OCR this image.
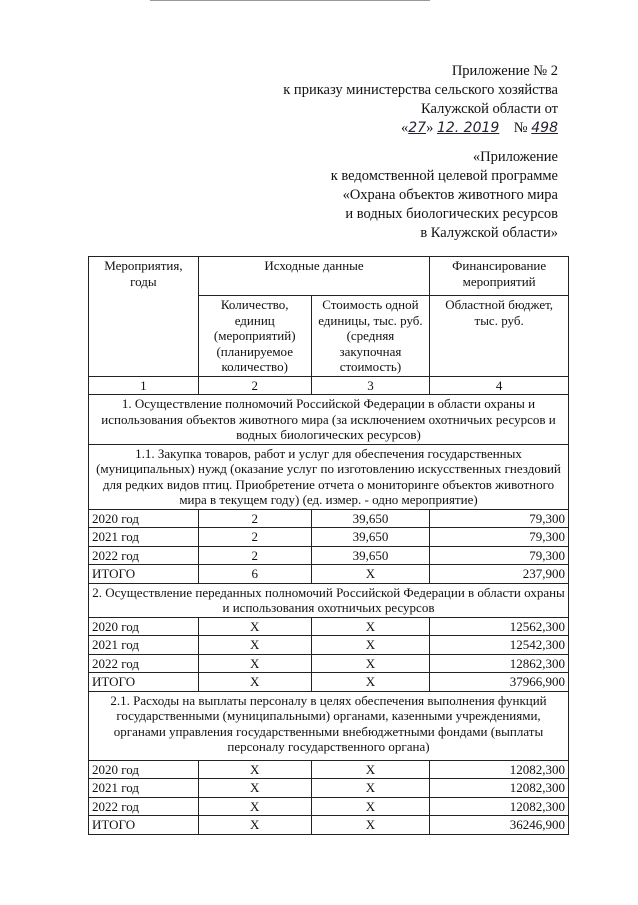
Приложение № 2
к приказу министерства сельского хозяйства
Калужской области от
«27» 12. 2019 № 498
«Приложение
к ведомственной целевой программе
«Охрана объектов животного мира
и водных биологических ресурсов
в Калужской области»
Мероприятия, годы	Исходные данные		Финансирование мероприятий
	Количество, единиц (мероприятий) (планируемое количество)	Стоимость одной единицы, тыс. руб. (средняя закупочная стоимость)	Областной бюджет, тыс. руб.
1	2	3	4
1. Осуществление полномочий Российской Федерации в области охраны и использования объектов животного мира (за исключением охотничьих ресурсов и водных биологических ресурсов)			
1.1. Закупка товаров, работ и услуг для обеспечения государственных (муниципальных) нужд (оказание услуг по изготовлению искусственных гнездовий для редких видов птиц. Приобретение отчета о мониторинге объектов животного мира в текущем году) (ед. измер. - одно мероприятие)			
2020 год	2	39,650	79,300
2021 год	2	39,650	79,300
2022 год	2	39,650	79,300
ИТОГО	6	X	237,900
2. Осуществление переданных полномочий Российской Федерации в области охраны и использования охотничьих ресурсов			
2020 год	X	X	12562,300
2021 год	X	X	12542,300
2022 год	X	X	12862,300
ИТОГО	X	X	37966,900
2.1. Расходы на выплаты персоналу в целях обеспечения выполнения функций государственными (муниципальными) органами, казенными учреждениями, органами управления государственными внебюджетными фондами (выплаты персоналу государственного органа)			
2020 год	X	X	12082,300
2021 год	X	X	12082,300
2022 год	X	X	12082,300
ИТОГО	X	X	36246,900
